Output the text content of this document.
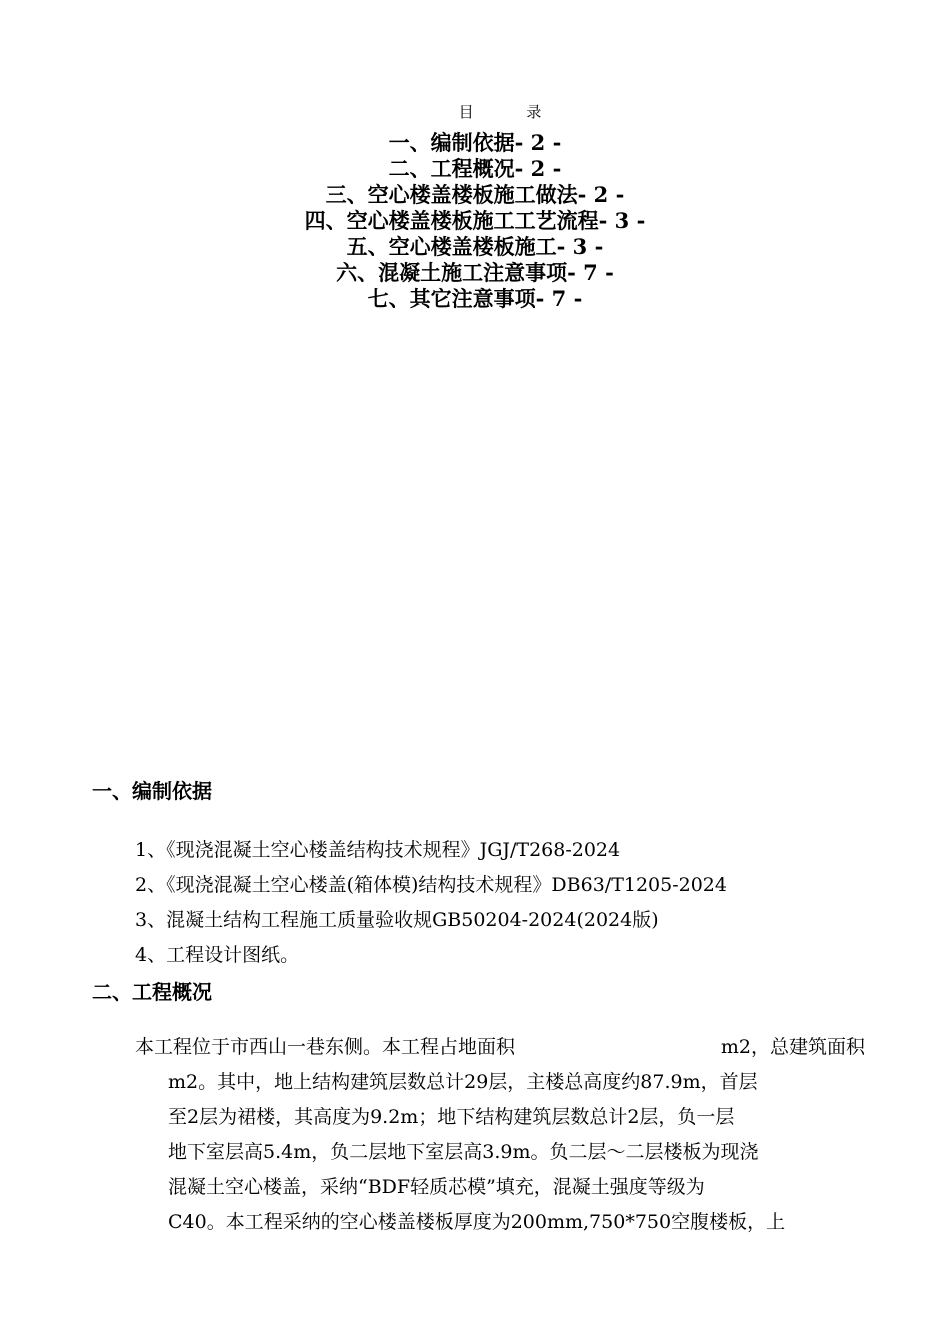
目 录
一、编制依据- 2 -
二、工程概况- 2 -
三、空心楼盖楼板施工做法- 2 -
四、空心楼盖楼板施工工艺流程- 3 -
五、空心楼盖楼板施工- 3 -
六、混凝土施工注意事项- 7 -
七、其它注意事项- 7 -
一、编制依据
1、《现浇混凝土空心楼盖结构技术规程》JGJ/T268-2024
2、《现浇混凝土空心楼盖(箱体模)结构技术规程》DB63/T1205-2024
3、混凝土结构工程施工质量验收规GB50204-2024(2024版)
4、工程设计图纸。
二、工程概况
本工程位于市西山一巷东侧。本工程占地面积	m2，总建筑面积
m2。其中，地上结构建筑层数总计29层，主楼总高度约87.9m，首层
至2层为裙楼，其高度为9.2m；地下结构建筑层数总计2层，负一层
地下室层高5.4m，负二层地下室层高3.9m。负二层～二层楼板为现浇
混凝土空心楼盖，采纳“BDF轻质芯模”填充，混凝土强度等级为
C40。本工程采纳的空心楼盖楼板厚度为200mm,750*750空腹楼板，上
